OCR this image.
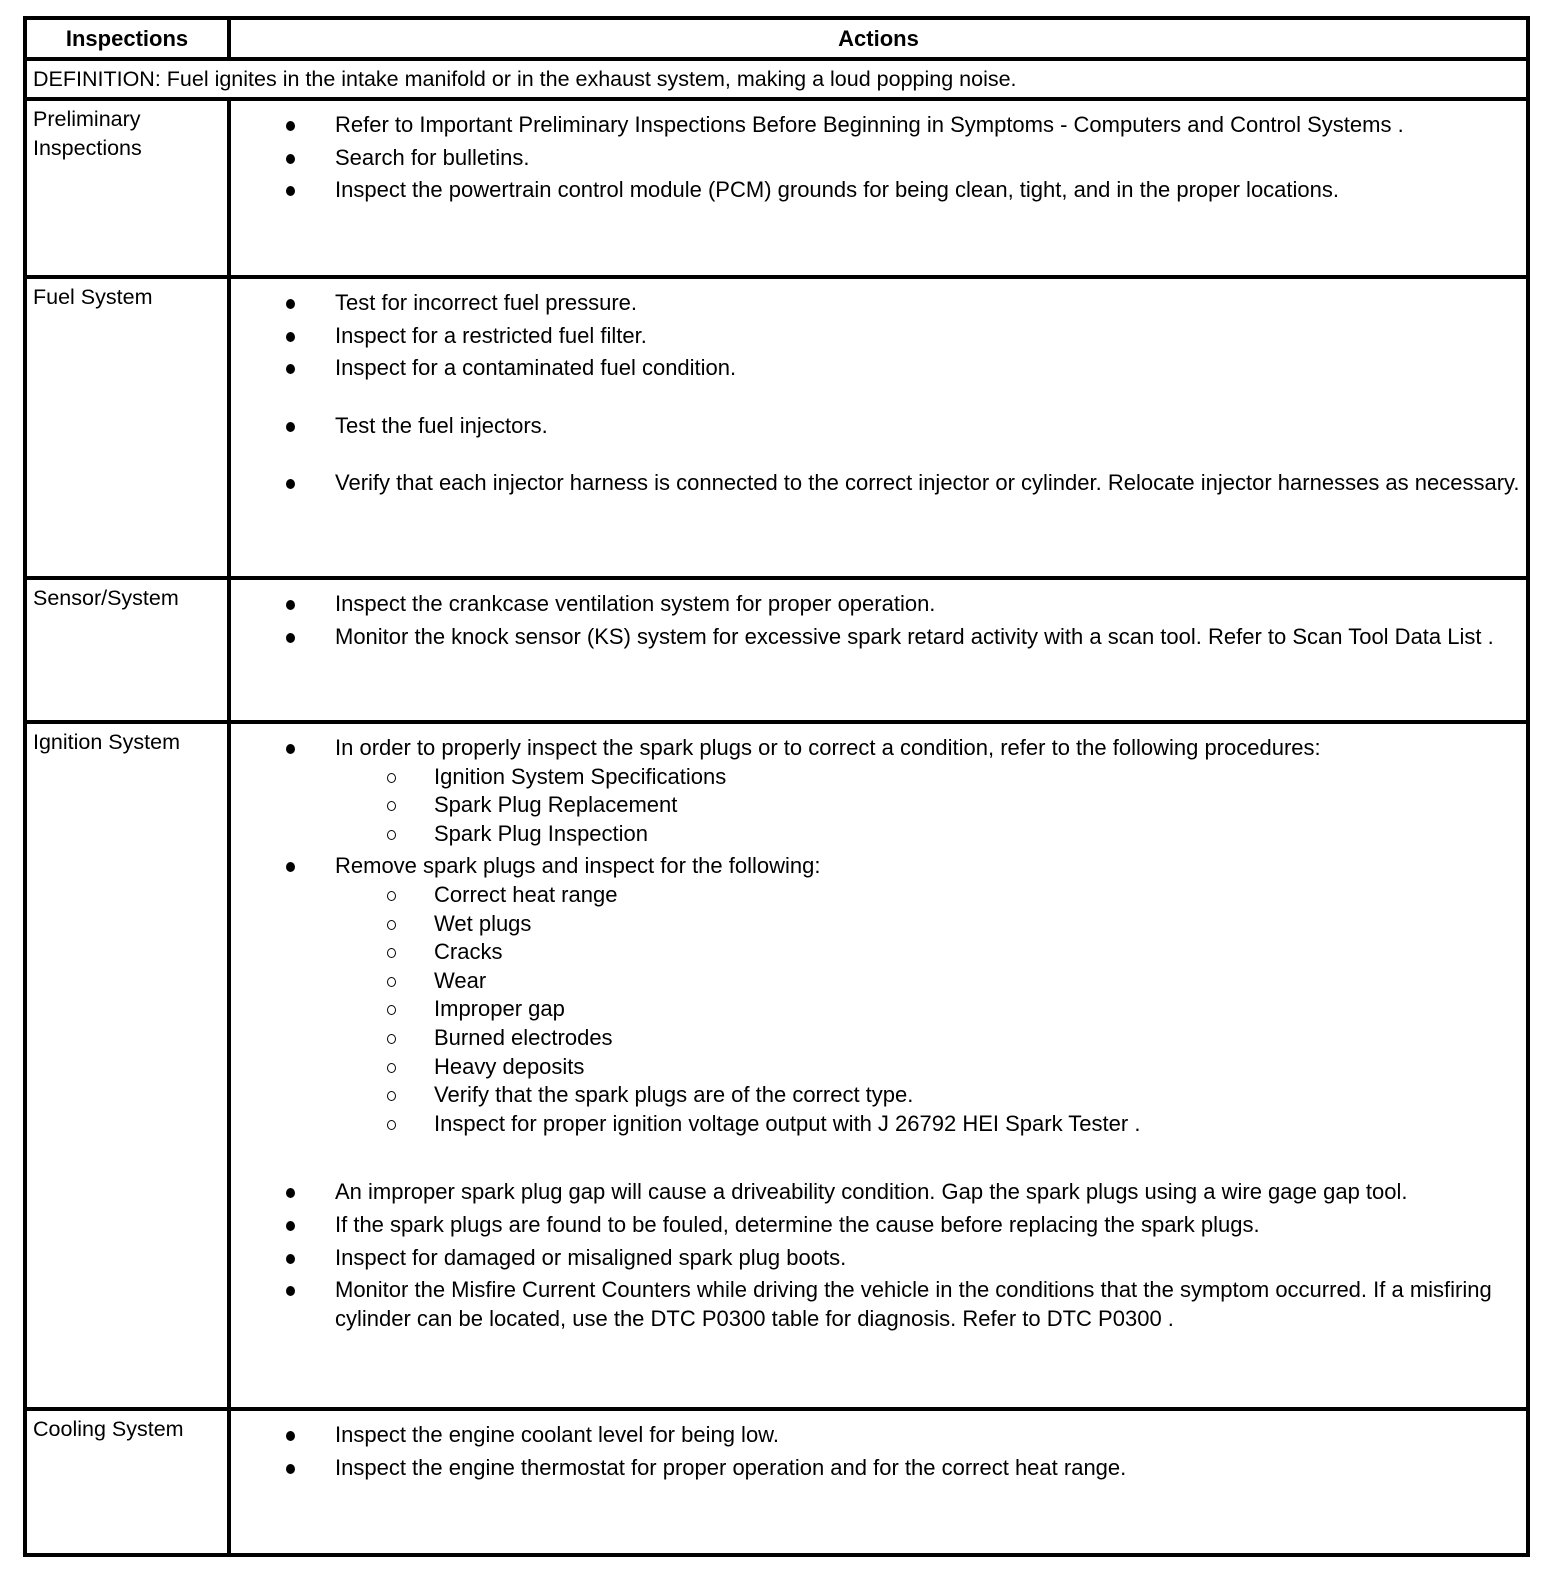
Inspections	Actions
DEFINITION: Fuel ignites in the intake manifold or in the exhaust system, making a loud popping noise.	
Preliminary Inspections	
Refer to Important Preliminary Inspections Before Beginning in Symptoms - Computers and Control Systems .
Search for bulletins.
Inspect the powertrain control module (PCM) grounds for being clean, tight, and in the proper locations.

Fuel System	Test for incorrect fuel pressure.
Inspect for a restricted fuel filter.
Inspect for a contaminated fuel condition.
Test the fuel injectors.
Verify that each injector harness is connected to the correct injector or cylinder. Relocate injector harnesses as necessary.

Sensor/System	Inspect the crankcase ventilation system for proper operation.
Monitor the knock sensor (KS) system for excessive spark retard activity with a scan tool. Refer to Scan Tool Data List .

Ignition System	In order to properly inspect the spark plugs or to correct a condition, refer to the following procedures:
Ignition System Specifications
Spark Plug Replacement
Spark Plug Inspection
Remove spark plugs and inspect for the following:
Correct heat range
Wet plugs
Cracks
Wear
Improper gap
Burned electrodes
Heavy deposits
Verify that the spark plugs are of the correct type.
Inspect for proper ignition voltage output with J 26792 HEI Spark Tester .
An improper spark plug gap will cause a driveability condition. Gap the spark plugs using a wire gage gap tool.
If the spark plugs are found to be fouled, determine the cause before replacing the spark plugs.
Inspect for damaged or misaligned spark plug boots.
Monitor the Misfire Current Counters while driving the vehicle in the conditions that the symptom occurred. If a misfiring cylinder can be located, use the DTC P0300 table for diagnosis. Refer to DTC P0300 .

Cooling System	Inspect the engine coolant level for being low.
Inspect the engine thermostat for proper operation and for the correct heat range.
